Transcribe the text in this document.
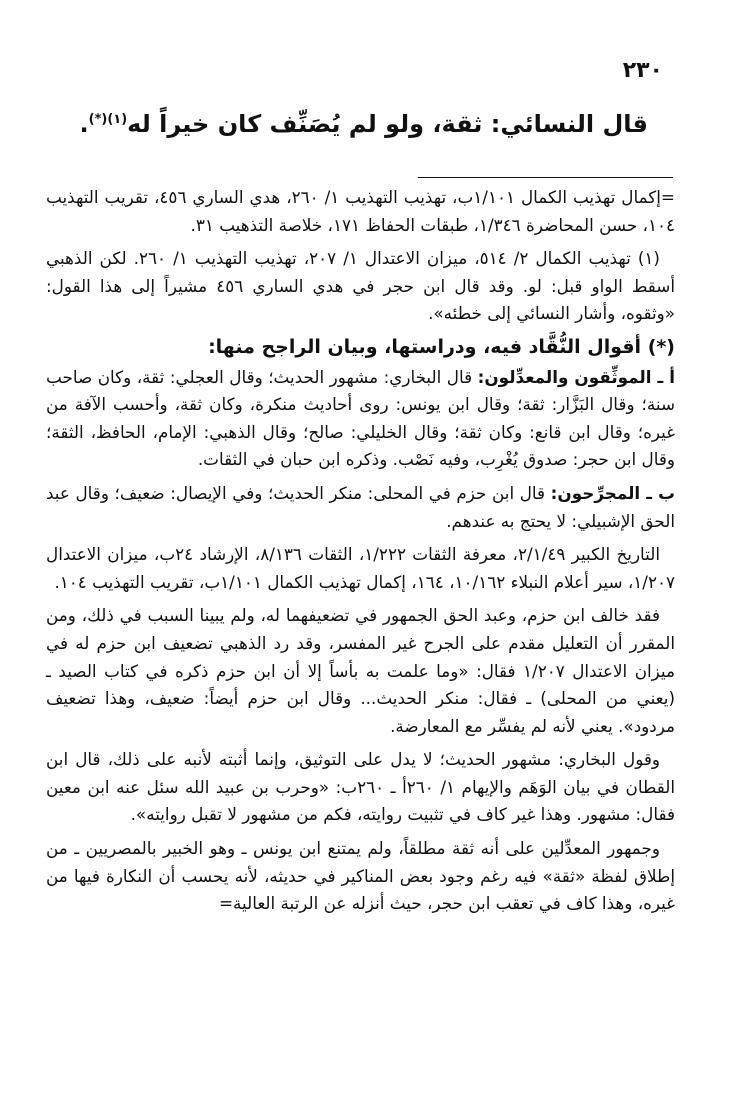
٢٣٠

قال النسائي: ثقة، ولو لم يُصَنِّف كان خيراً له$^{(١)(*)}$.

=إكمال تهذيب الكمال ١/١٠١ب، تهذيب التهذيب ١/ ٢٦٠، هدي الساري ٤٥٦، تقريب التهذيب ١٠٤، حسن المحاضرة ١/٣٤٦، طبقات الحفاظ ١٧١، خلاصة التذهيب ٣١.

(١) تهذيب الكمال ٢/ ٥١٤، ميزان الاعتدال ١/ ٢٠٧، تهذيب التهذيب ١/ ٢٦٠. لكن الذهبي أسقط الواو قبل: لو. وقد قال ابن حجر في هدي الساري ٤٥٦ مشيراً إلى هذا القول: «وثقوه، وأشار النسائي إلى خطئه».

(*) أقوال النُّقَّاد فيه، ودراستها، وبيان الراجح منها:

أ ـ الموثِّقون والمعدِّلون: قال البخاري: مشهور الحديث؛ وقال العجلي: ثقة، وكان صاحب سنة؛ وقال البَزَّار: ثقة؛ وقال ابن يونس: روى أحاديث منكرة، وكان ثقة، وأحسب الآفة من غيره؛ وقال ابن قانع: وكان ثقة؛ وقال الخليلي: صالح؛ وقال الذهبي: الإمام، الحافظ، الثقة؛ وقال ابن حجر: صدوق يُغْرِب، وفيه نَصْب. وذكره ابن حبان في الثقات.

ب ـ المجرِّحون: قال ابن حزم في المحلى: منكر الحديث؛ وفي الإيصال: ضعيف؛ وقال عبد الحق الإشبيلي: لا يحتج به عندهم.

التاريخ الكبير ٢/١/٤٩، معرفة الثقات ١/٢٢٢، الثقات ٨/١٣٦، الإرشاد ٢٤ب، ميزان الاعتدال ١/٢٠٧، سير أعلام النبلاء ١٠/١٦٢، ١٦٤، إكمال تهذيب الكمال ١/١٠١ب، تقريب التهذيب ١٠٤.

فقد خالف ابن حزم، وعبد الحق الجمهور في تضعيفهما له، ولم يبينا السبب في ذلك، ومن المقرر أن التعليل مقدم على الجرح غير المفسر، وقد رد الذهبي تضعيف ابن حزم له في ميزان الاعتدال ١/٢٠٧ فقال: «وما علمت به بأساً إلا أن ابن حزم ذكره في كتاب الصيد ـ (يعني من المحلى) ـ فقال: منكر الحديث... وقال ابن حزم أيضاً: ضعيف، وهذا تضعيف مردود». يعني لأنه لم يفسِّر مع المعارضة.

وقول البخاري: مشهور الحديث؛ لا يدل على التوثيق، وإنما أثبته لأنبه على ذلك، قال ابن القطان في بيان الوَهَم والإيهام ١/ ٢٦٠أ ـ ٢٦٠ب: «وحرب بن عبيد الله سئل عنه ابن معين فقال: مشهور. وهذا غير كاف في تثبيت روايته، فكم من مشهور لا تقبل روايته».

وجمهور المعدِّلين على أنه ثقة مطلقاً، ولم يمتنع ابن يونس ـ وهو الخبير بالمصريين ـ من إطلاق لفظة «ثقة» فيه رغم وجود بعض المناكير في حديثه، لأنه يحسب أن النكارة فيها من غيره، وهذا كاف في تعقب ابن حجر، حيث أنزله عن الرتبة العالية=
